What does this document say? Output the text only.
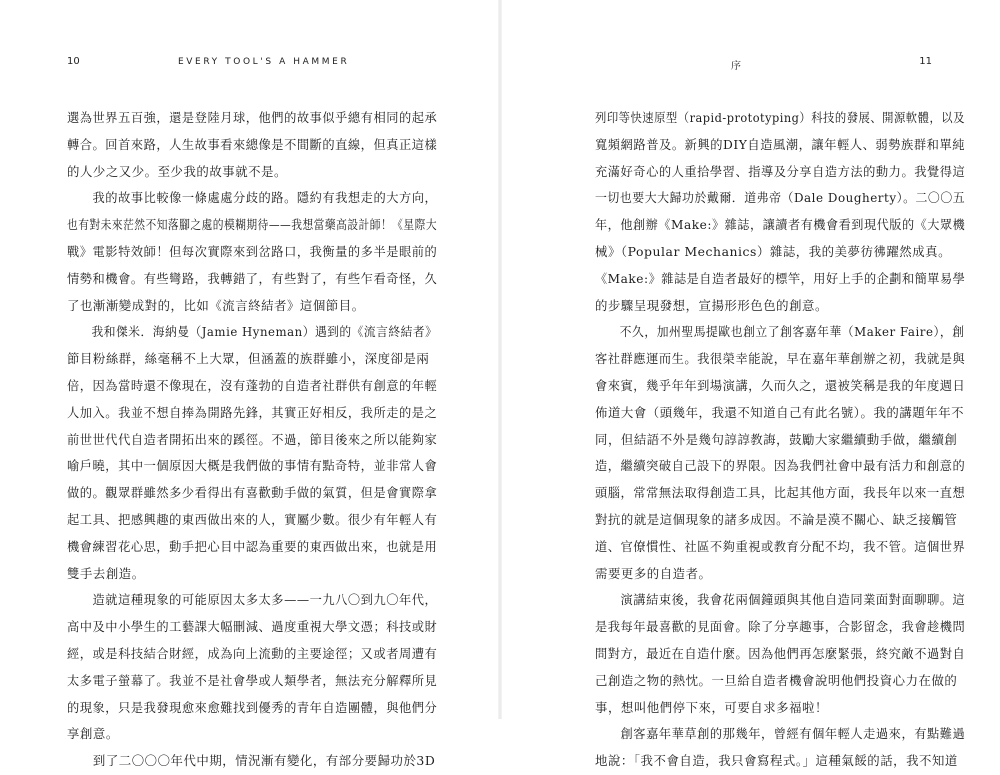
10	EVERY TOOL'S A HAMMER
選為世界五百強，還是登陸月球，他們的故事似乎總有相同的起承
轉合。回首來路，人生故事看來總像是不間斷的直線，但真正這樣
的人少之又少。至少我的故事就不是。
　　我的故事比較像一條處處分歧的路。隱約有我想走的大方向，
也有對未來茫然不知落腳之處的模糊期待——我想當藥高設計師！《星際大
戰》電影特效師！但每次實際來到岔路口，我衡量的多半是眼前的
情勢和機會。有些彎路，我轉錯了，有些對了，有些乍看奇怪，久
了也漸漸變成對的，比如《流言終結者》這個節目。
　　我和傑米．海納曼（Jamie Hyneman）遇到的《流言終結者》
節目粉絲群，絲毫稱不上大眾，但涵蓋的族群雖小，深度卻是兩
倍，因為當時還不像現在，沒有蓬勃的自造者社群供有創意的年輕
人加入。我並不想自捧為開路先鋒，其實正好相反，我所走的是之
前世世代代自造者開拓出來的蹊徑。不過，節目後來之所以能夠家
喻戶曉，其中一個原因大概是我們做的事情有點奇特，並非常人會
做的。觀眾群雖然多少看得出有喜歡動手做的氣質，但是會實際拿
起工具、把感興趣的東西做出來的人，實屬少數。很少有年輕人有
機會練習花心思，動手把心目中認為重要的東西做出來，也就是用
雙手去創造。
　　造就這種現象的可能原因太多太多——一九八〇到九〇年代，
高中及中小學生的工藝課大幅刪減、過度重視大學文憑；科技或財
經，或是科技結合財經，成為向上流動的主要途徑；又或者周遭有
太多電子螢幕了。我並不是社會學或人類學者，無法充分解釋所見
的現象，只是我發現愈來愈難找到優秀的青年自造團體，與他們分
享創意。
　　到了二〇〇〇年代中期，情況漸有變化，有部分要歸功於3D
11
序
列印等快速原型（rapid-prototyping）科技的發展、開源軟體，以及
寬頻網路普及。新興的DIY自造風潮，讓年輕人、弱勢族群和單純
充滿好奇心的人重拾學習、指導及分享自造方法的動力。我覺得這
一切也要大大歸功於戴爾．道弗帝（Dale Dougherty）。二〇〇五
年，他創辦《Make:》雜誌，讓讀者有機會看到現代版的《大眾機
械》（Popular Mechanics）雜誌，我的美夢彷彿躍然成真。
《Make:》雜誌是自造者最好的標竿，用好上手的企劃和簡單易學
的步驟呈現發想，宣揚形形色色的創意。
　　不久，加州聖馬提歐也創立了創客嘉年華（Maker Faire），創
客社群應運而生。我很榮幸能說，早在嘉年華創辦之初，我就是與
會來賓，幾乎年年到場演講，久而久之，還被笑稱是我的年度週日
佈道大會（頭幾年，我還不知道自己有此名號）。我的講題年年不
同，但結語不外是幾句諄諄教誨，鼓勵大家繼續動手做，繼續創
造，繼續突破自己設下的界限。因為我們社會中最有活力和創意的
頭腦，常常無法取得創造工具，比起其他方面，我長年以來一直想
對抗的就是這個現象的諸多成因。不論是漠不關心、缺乏接觸管
道、官僚慣性、社區不夠重視或教育分配不均，我不管。這個世界
需要更多的自造者。
　　演講結束後，我會花兩個鐘頭與其他自造同業面對面聊聊。這
是我每年最喜歡的見面會。除了分享趣事，合影留念，我會趁機問
問對方，最近在自造什麼。因為他們再怎麼緊張，終究敵不過對自
己創造之物的熱忱。一旦給自造者機會說明他們投資心力在做的
事，想叫他們停下來，可要自求多福啦！
　　創客嘉年華草創的那幾年，曾經有個年輕人走過來，有點難過
地說：「我不會自造，我只會寫程式。」這種氣餒的話，我不知道
